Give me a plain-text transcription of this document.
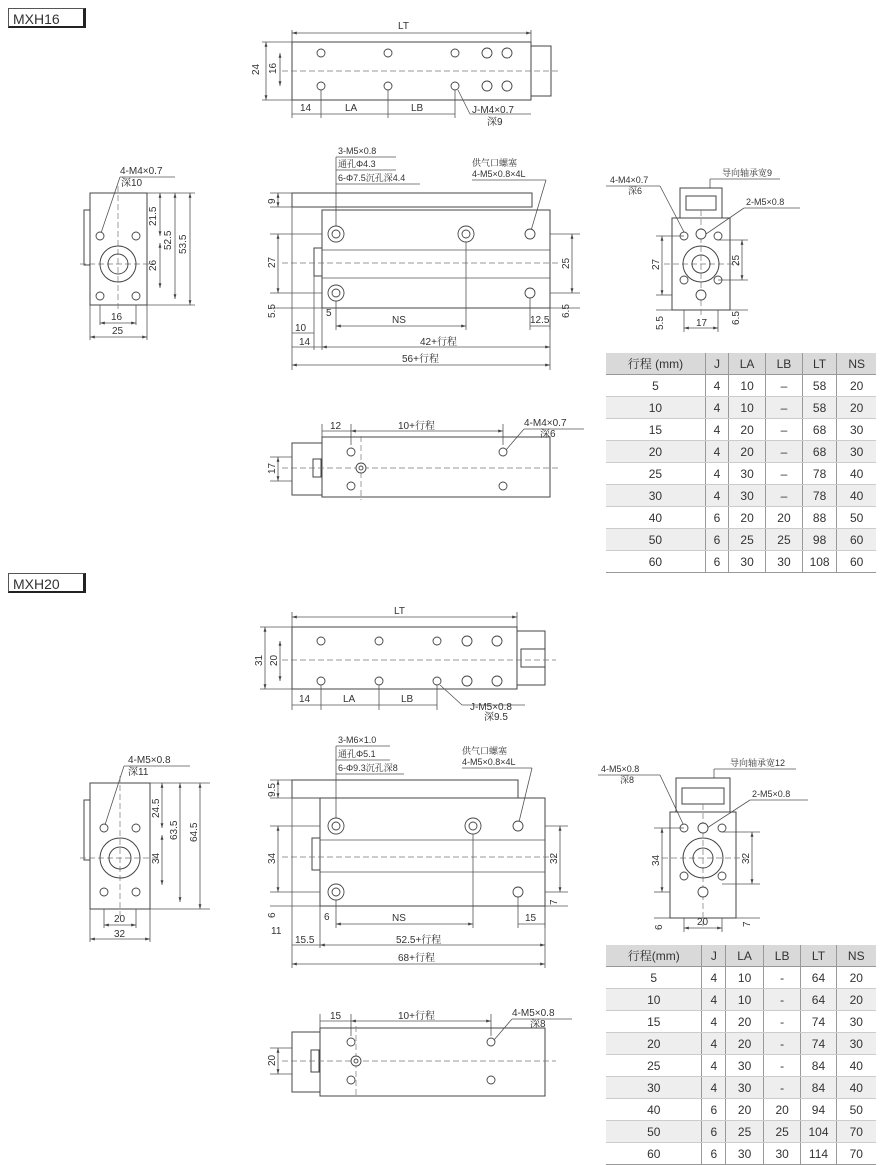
MXH16	LT
24 16
14	LA	LB	J-M4×0.7
深9
4-M4×0.7
深10
21.5
26
52.5 53.5
16
25
3-M5×0.8
通孔Φ4.3
6-Φ7.5沉孔深4.4
供气口螺塞
4-M5×0.8×4L
9
27
5.5
25
6.5
5
NS	12.5
10
14	42+行程
56+行程
导向轴承宽9
4-M4×0.7
深6
2-M5×0.8
27
5.5
25
6.5
17
12	10+行程	4-M4×0.7
深6
17
LT
31 20
14	LA	LB
J-M5×0.8
深9.5
4-M5×0.8
深11
24.5
34
63.5 64.5
20
32
3-M6×1.0
通孔Φ5.1
6-Φ9.3沉孔深8
供气口螺塞
4-M5×0.8×4L
9.5
34
6
11
32
7
6	NS	15
15.5	52.5+行程
68+行程
导向轴承宽12
4-M5×0.8
深8
2-M5×0.8
34
6
32
7
20
15	10+行程	4-M5×0.8
深8
20
行程 (mm)	J	LA	LB	LT	NS
5	4	10	–	58	20
10	4	10	–	58	20
15	4	20	–	68	30
20	4	20	–	68	30
25	4	30	–	78	40
30	4	30	–	78	40
40	6	20	20	88	50
50	6	25	25	98	60
60	6	30	30	108	60
MXH20
行程(mm)	J	LA	LB	LT	NS
5	4	10	-	64	20
10	4	10	-	64	20
15	4	20	-	74	30
20	4	20	-	74	30
25	4	30	-	84	40
30	4	30	-	84	40
40	6	20	20	94	50
50	6	25	25	104	70
60	6	30	30	114	70
